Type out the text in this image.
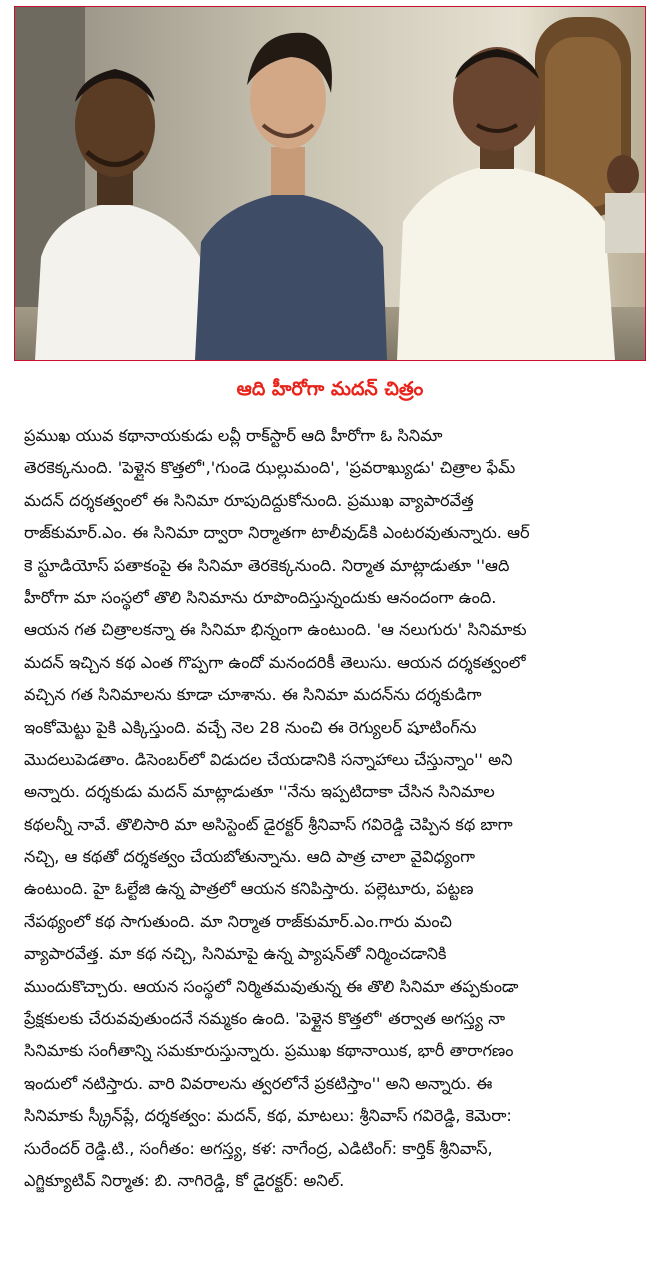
ఆది హీరోగా మదన్ చిత్రం
ప్రముఖ యువ కథానాయకుడు లవ్లీ రాక్‌స్టార్ ఆది హీరోగా ఓ సినిమా
తెరకెక్కనుంది. 'పెళ్లైన కొత్తలో','గుండె ఝల్లుమంది', 'ప్రవరాఖ్యుడు' చిత్రాల ఫేమ్
మదన్ దర్శకత్వంలో ఈ సినిమా రూపుదిద్దుకోనుంది. ప్రముఖ వ్యాపారవేత్త
రాజ్‌కుమార్.ఎం. ఈ సినిమా ద్వారా నిర్మాతగా టాలీవుడ్‌కి ఎంటరవుతున్నారు. ఆర్
కె స్టూడియోస్ పతాకంపై ఈ సినిమా తెరకెక్కనుంది. నిర్మాత మాట్లాడుతూ ''ఆది
హీరోగా మా సంస్థలో తొలి సినిమాను రూపొందిస్తున్నందుకు ఆనందంగా ఉంది.
ఆయన గత చిత్రాలకన్నా ఈ సినిమా భిన్నంగా ఉంటుంది. 'ఆ నలుగురు' సినిమాకు
మదన్ ఇచ్చిన కథ ఎంత గొప్పగా ఉందో మనందరికీ తెలుసు. ఆయన దర్శకత్వంలో
వచ్చిన గత సినిమాలను కూడా చూశాను. ఈ సినిమా మదన్‌ను దర్శకుడిగా
ఇంకోమెట్టు పైకి ఎక్కిస్తుంది. వచ్చే నెల 28 నుంచి ఈ రెగ్యులర్ షూటింగ్‌ను
మొదలుపెడతాం. డిసెంబర్‌లో విడుదల చేయడానికి సన్నాహాలు చేస్తున్నాం'' అని
అన్నారు. దర్శకుడు మదన్ మాట్లాడుతూ ''నేను ఇప్పటిదాకా చేసిన సినిమాల
కథలన్నీ నావే. తొలిసారి మా అసిస్టెంట్ డైరక్టర్ శ్రీనివాస్ గవిరెడ్డి చెప్పిన కథ బాగా
నచ్చి, ఆ కథతో దర్శకత్వం చేయబోతున్నాను. ఆది పాత్ర చాలా వైవిధ్యంగా
ఉంటుంది. హై ఓల్టేజి ఉన్న పాత్రలో ఆయన కనిపిస్తారు. పల్లెటూరు, పట్టణ
నేపథ్యంలో కథ సాగుతుంది. మా నిర్మాత రాజ్‌కుమార్.ఎం.గారు మంచి
వ్యాపారవేత్త. మా కథ నచ్చి, సినిమాపై ఉన్న ప్యాషన్‌తో నిర్మించడానికి
ముందుకొచ్చారు. ఆయన సంస్థలో నిర్మితమవుతున్న ఈ తొలి సినిమా తప్పకుండా
ప్రేక్షకులకు చేరువవుతుందనే నమ్మకం ఉంది. 'పెళ్లైన కొత్తలో' తర్వాత అగస్త్య నా
సినిమాకు సంగీతాన్ని సమకూరుస్తున్నారు. ప్రముఖ కథానాయిక, భారీ తారాగణం
ఇందులో నటిస్తారు. వారి వివరాలను త్వరలోనే ప్రకటిస్తాం'' అని అన్నారు. ఈ
సినిమాకు స్క్రీన్‌ప్లే, దర్శకత్వం: మదన్, కథ, మాటలు: శ్రీనివాస్ గవిరెడ్డి, కెమెరా:
సురేందర్ రెడ్డి.టి., సంగీతం: అగస్త్య, కళ: నాగేంద్ర, ఎడిటింగ్: కార్తిక్ శ్రీనివాస్,
ఎగ్జిక్యూటివ్ నిర్మాత: బి. నాగిరెడ్డి, కో డైరక్టర్: అనిల్.
